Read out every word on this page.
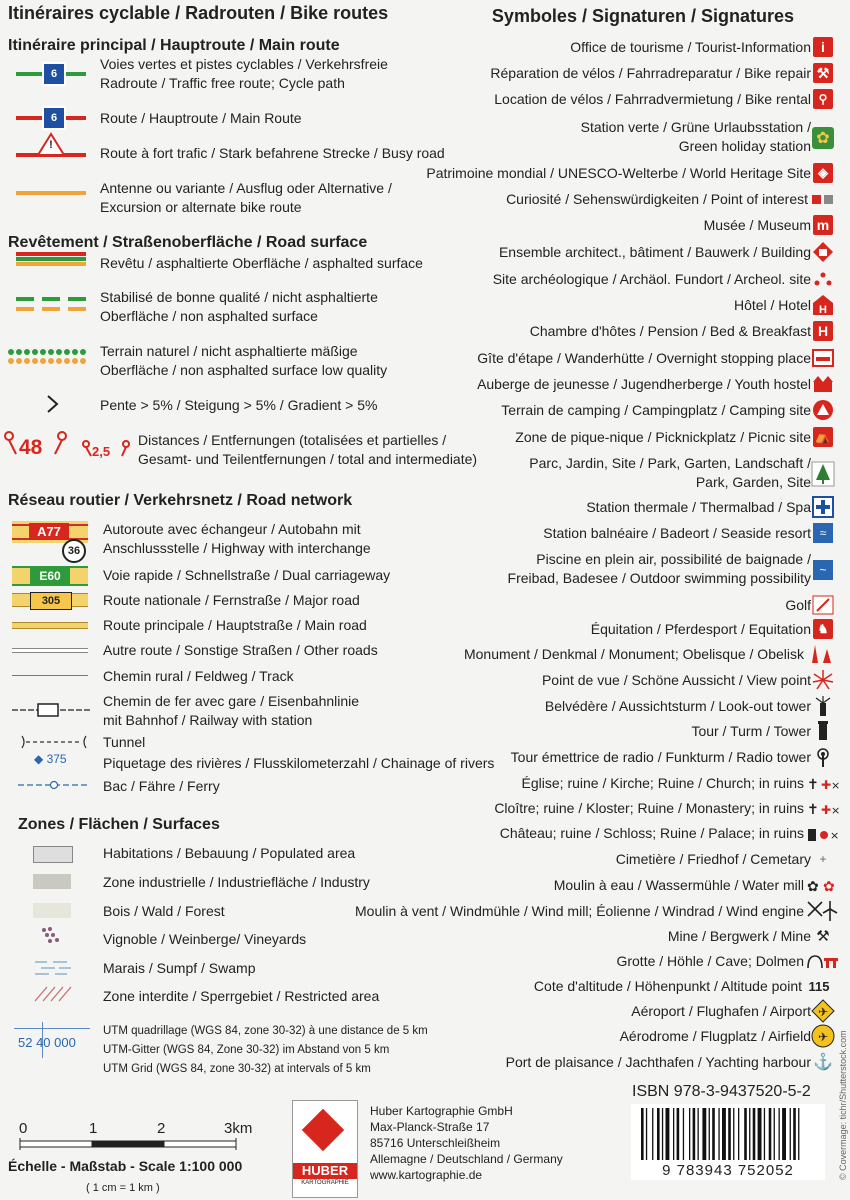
Itinéraires cyclable / Radrouten / Bike routes
Itinéraire principal / Hauptroute / Main route
6
Voies vertes et pistes cyclables / Verkehrsfreie
Radroute / Traffic free route; Cycle path
6	Route / Hauptroute / Main Route
!	Route à fort trafic / Stark befahrene Strecke / Busy road
Antenne ou variante / Ausflug oder Alternative /
Excursion or alternate bike route
Revêtement / Straßenoberfläche / Road surface
Revêtu / asphaltierte Oberfläche / asphalted surface
Stabilisé de bonne qualité / nicht asphaltierte
Oberfläche / non asphalted surface
Terrain naturel / nicht asphaltierte mäßige
Oberfläche / non asphalted surface low quality
Pente > 5% / Steigung > 5% / Gradient > 5%
48	2,5
Distances / Entfernungen (totalisées et partielles /
Gesamt- und Teilentfernungen / total and intermediate)
Réseau routier / Verkehrsnetz / Road network
A77
36
Autoroute avec échangeur / Autobahn mit
Anschlussstelle / Highway with interchange
E60	Voie rapide / Schnellstraße / Dual carriageway
305	Route nationale / Fernstraße / Major road
Route principale / Hauptstraße / Main road
Autre route / Sonstige Straßen / Other roads
Chemin rural / Feldweg / Track
Chemin de fer avec gare / Eisenbahnlinie
mit Bahnhof / Railway with station
Tunnel
◆ 375	Piquetage des rivières / Flusskilometerzahl / Chainage of rivers
Bac / Fähre / Ferry
Zones / Flächen / Surfaces
Habitations / Bebauung / Populated area
Zone industrielle / Industriefläche / Industry
Bois / Wald / Forest
Vignoble / Weinberge/ Vineyards
Marais / Sumpf / Swamp
Zone interdite / Sperrgebiet / Restricted area
52 40 000
UTM quadrillage (WGS 84, zone 30-32) à une distance de 5 km
UTM-Gitter (WGS 84, Zone 30-32) im Abstand von 5 km
UTM Grid (WGS 84, zone 30-32) at intervals of 5 km
0	1	2	3km
Échelle - Maßstab - Scale 1:100 000
( 1 cm = 1 km )
HUBER
KARTOGRAPHIE
Huber Kartographie GmbH
Max-Planck-Straße 17
85716 Unterschleißheim
Allemagne / Deutschland / Germany
www.kartographie.de
Symboles / Signaturen / Signatures
Office de tourisme / Tourist-Information i
Réparation de vélos / Fahrradreparatur / Bike repair ⚒
Location de vélos / Fahrradvermietung / Bike rental ⚲
Station verte / Grüne Urlaubsstation /
Green holiday station ✿
Patrimoine mondial / UNESCO-Welterbe / World Heritage Site ◈
Curiosité / Sehenswürdigkeiten / Point of interest
Musée / Museum m
Ensemble architect., bâtiment / Bauwerk / Building
Site archéologique / Archäol. Fundort / Archeol. site
Hôtel / Hotel H
Chambre d'hôtes / Pension / Bed & Breakfast H
Gîte d'étape / Wanderhütte / Overnight stopping place
Auberge de jeunesse / Jugendherberge / Youth hostel
Terrain de camping / Campingplatz / Camping site
Zone de pique-nique / Picknickplatz / Picnic site ⛺
Parc, Jardin, Site / Park, Garten, Landschaft /
Park, Garden, Site
Station thermale / Thermalbad / Spa
Station balnéaire / Badeort / Seaside resort ≈
Piscine en plein air, possibilité de baignade /
Freibad, Badesee / Outdoor swimming possibility ~
Golf
Équitation / Pferdesport / Equitation ♞
Monument / Denkmal / Monument; Obelisque / Obelisk
Point de vue / Schöne Aussicht / View point
Belvédère / Aussichtsturm / Look-out tower
Tour / Turm / Tower
Tour émettrice de radio / Funkturm / Radio tower
Église; ruine / Kirche; Ruine / Church; in ruins ✝ ✚ ×
Cloître; ruine / Kloster; Ruine / Monastery; in ruins ✝ ✚ ×
Château; ruine / Schloss; Ruine / Palace; in ruins ×
Cimetière / Friedhof / Cemetary +
Moulin à eau / Wassermühle / Water mill ✿ ✿
Moulin à vent / Windmühle / Wind mill; Éolienne / Windrad / Wind engine
Mine / Bergwerk / Mine ⚒
Grotte / Höhle / Cave; Dolmen
Cote d'altitude / Höhenpunkt / Altitude point 115
Aéroport / Flughafen / Airport ✈
Aérodrome / Flugplatz / Airfield ✈
Port de plaisance / Jachthafen / Yachting harbour ⚓
ISBN 978-3-9437520-5-2
9 783943 752052	© Covermage: tichr/Shutterstock.com
